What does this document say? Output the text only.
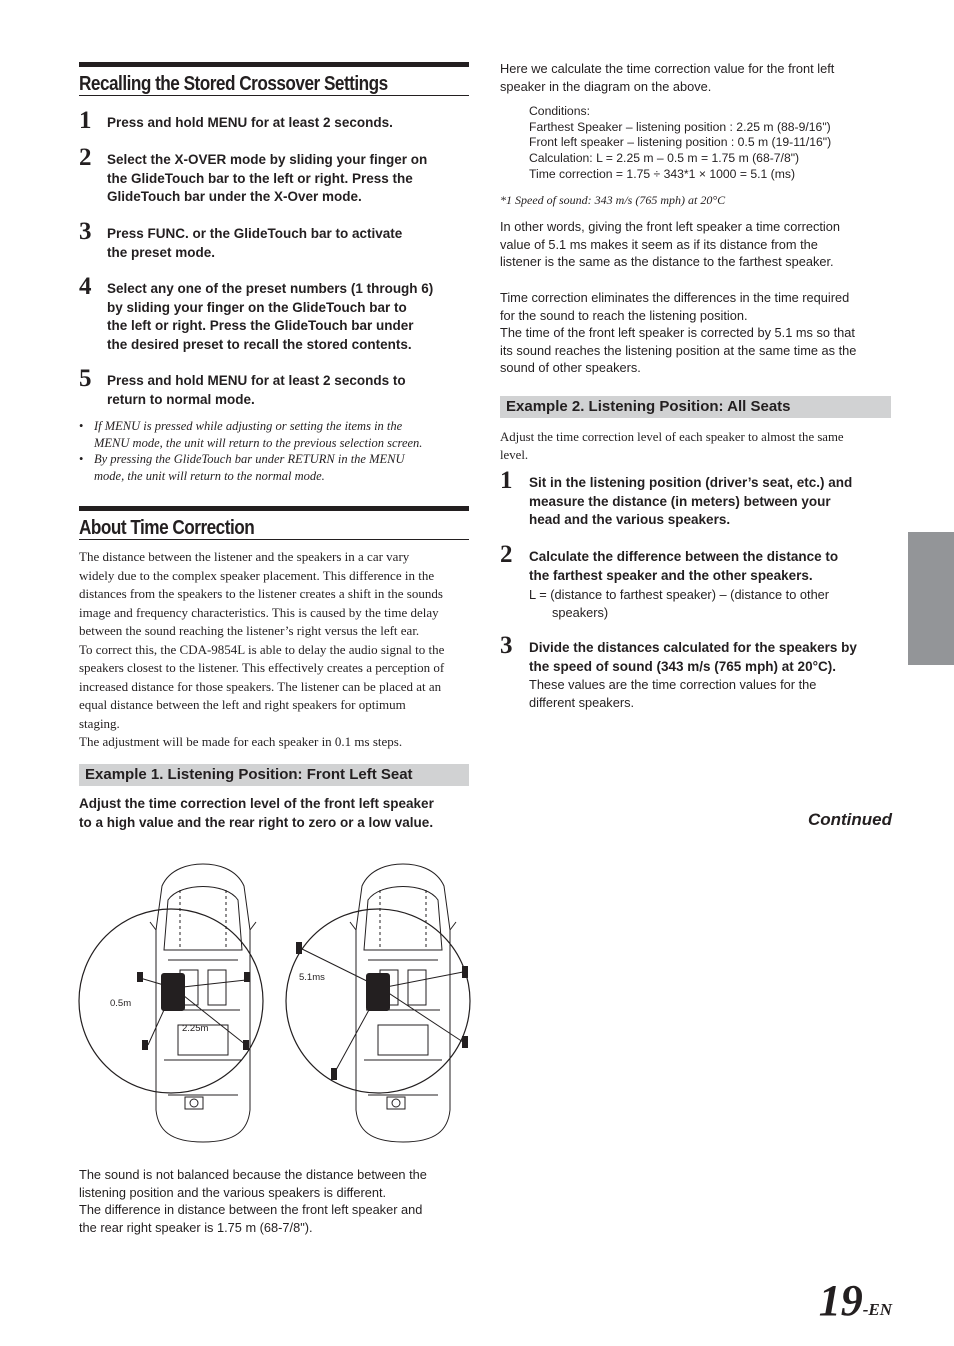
Recalling the Stored Crossover Settings
1 Press and hold MENU for at least 2 seconds.
2 Select the X-OVER mode by sliding your finger on
the GlideTouch bar to the left or right. Press the
GlideTouch bar under the X-Over mode.
3 Press FUNC. or the GlideTouch bar to activate
the preset mode.
4 Select any one of the preset numbers (1 through 6)
by sliding your finger on the GlideTouch bar to
the left or right. Press the GlideTouch bar under
the desired preset to recall the stored contents.
5 Press and hold MENU for at least 2 seconds to
return to normal mode.
• If MENU is pressed while adjusting or setting the items in the
MENU mode, the unit will return to the previous selection screen.
• By pressing the GlideTouch bar under RETURN in the MENU
mode, the unit will return to the normal mode.
About Time Correction
The distance between the listener and the speakers in a car vary
widely due to the complex speaker placement. This difference in the
distances from the speakers to the listener creates a shift in the sounds
image and frequency characteristics. This is caused by the time delay
between the sound reaching the listener’s right versus the left ear.
To correct this, the CDA-9854L is able to delay the audio signal to the
speakers closest to the listener. This effectively creates a perception of
increased distance for those speakers. The listener can be placed at an
equal distance between the left and right speakers for optimum
staging.
The adjustment will be made for each speaker in 0.1 ms steps.
Example 1. Listening Position: Front Left Seat
Adjust the time correction level of the front left speaker
to a high value and the rear right to zero or a low value.
0.5m
2.25m
5.1ms
The sound is not balanced because the distance between the
listening position and the various speakers is different.
The difference in distance between the front left speaker and
the rear right speaker is 1.75 m (68-7/8").
Here we calculate the time correction value for the front left
speaker in the diagram on the above.
Conditions:
Farthest Speaker – listening position : 2.25 m (88-9/16")
Front left speaker – listening position : 0.5 m (19-11/16")
Calculation: L = 2.25 m – 0.5 m = 1.75 m (68-7/8")
Time correction = 1.75 ÷ 343*1 × 1000 = 5.1 (ms)
*1 Speed of sound: 343 m/s (765 mph) at 20°C
In other words, giving the front left speaker a time correction
value of 5.1 ms makes it seem as if its distance from the
listener is the same as the distance to the farthest speaker.
Time correction eliminates the differences in the time required
for the sound to reach the listening position.
The time of the front left speaker is corrected by 5.1 ms so that
its sound reaches the listening position at the same time as the
sound of other speakers.
Example 2. Listening Position: All Seats
Adjust the time correction level of each speaker to almost the same
level.
1 Sit in the listening position (driver’s seat, etc.) and
measure the distance (in meters) between your
head and the various speakers.
2 Calculate the difference between the distance to
the farthest speaker and the other speakers.
L = (distance to farthest speaker) – (distance to other
speakers)
3 Divide the distances calculated for the speakers by
the speed of sound (343 m/s (765 mph) at 20°C).
These values are the time correction values for the
different speakers.
Continued
19-EN
